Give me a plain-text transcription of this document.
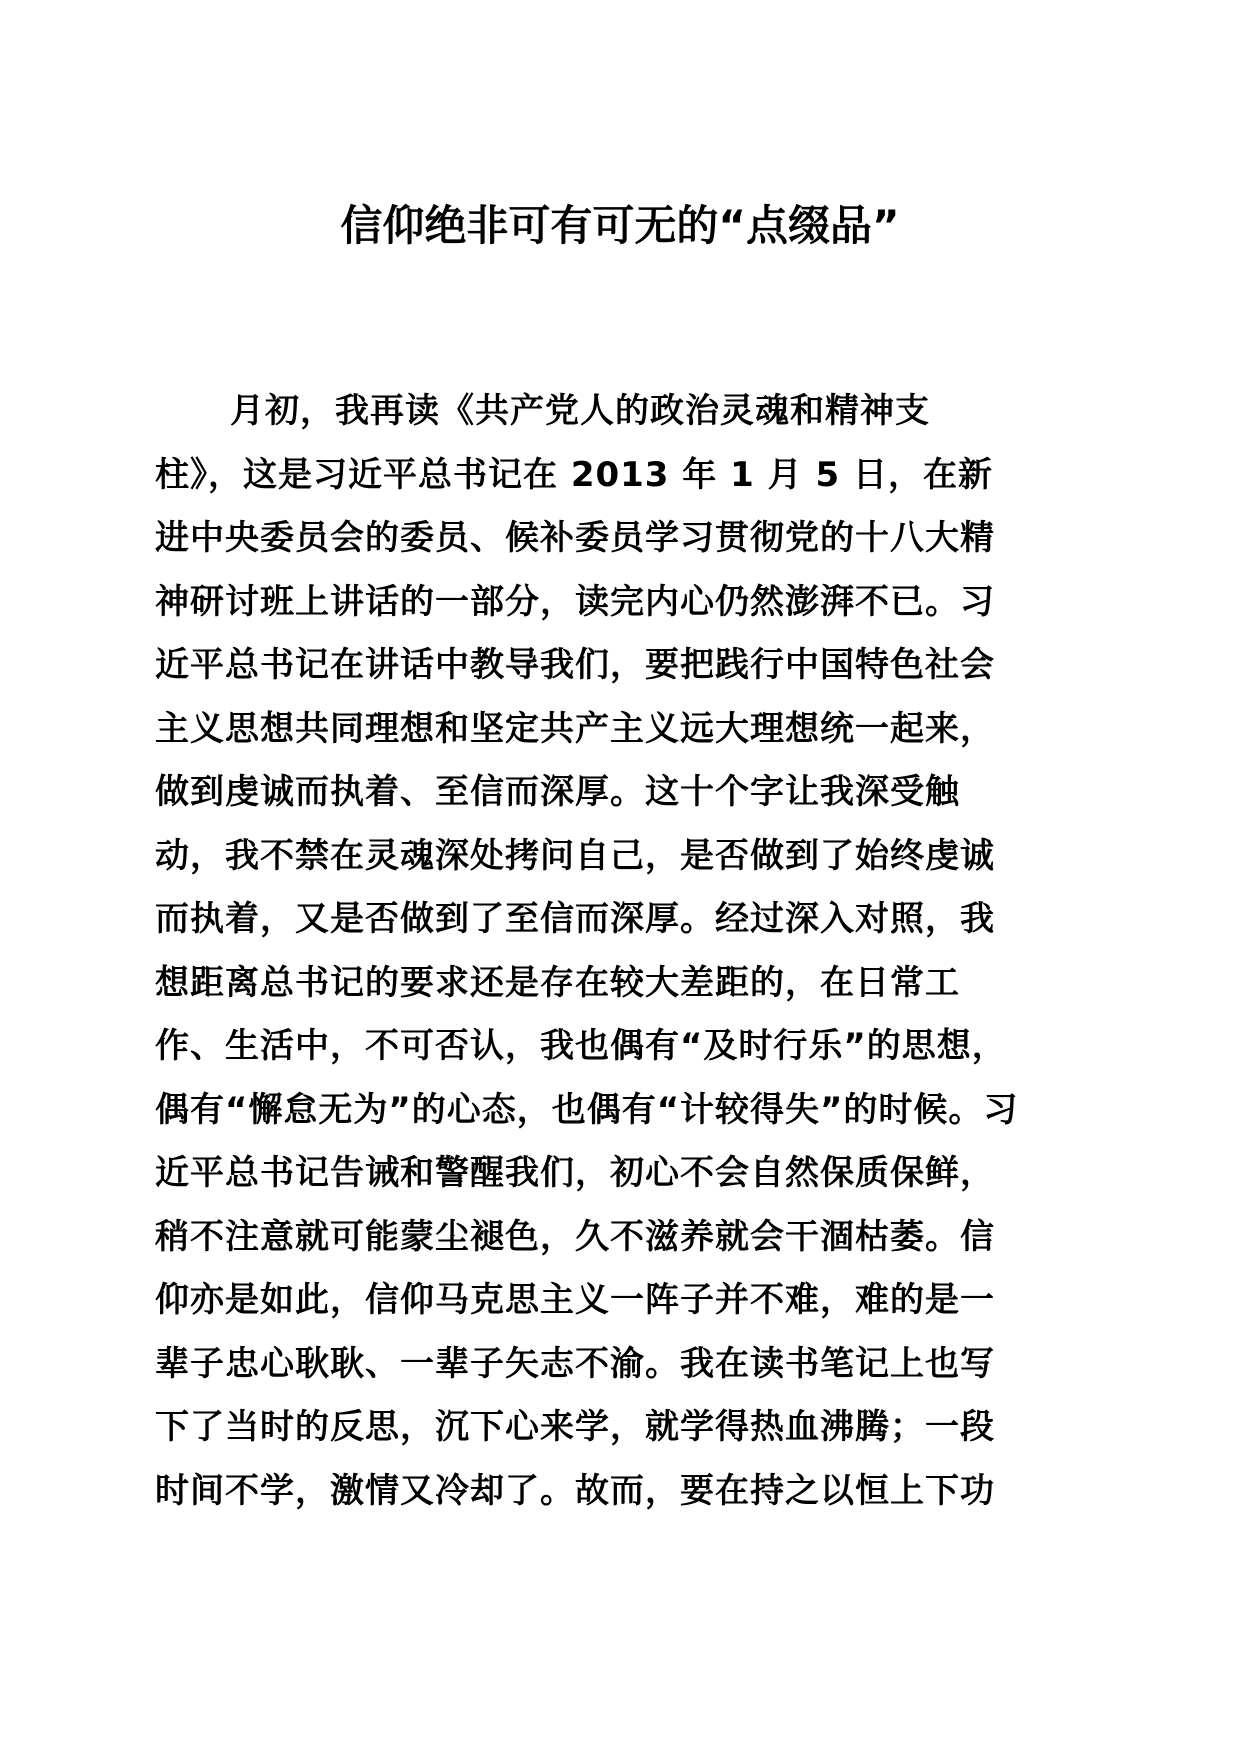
信仰绝非可有可无的“点缀品”
月初，我再读《共产党人的政治灵魂和精神支
柱》，这是习近平总书记在 2013 年 1 月 5 日，在新
进中央委员会的委员、候补委员学习贯彻党的十八大精
神研讨班上讲话的一部分，读完内心仍然澎湃不已。习
近平总书记在讲话中教导我们，要把践行中国特色社会
主义思想共同理想和坚定共产主义远大理想统一起来，
做到虔诚而执着、至信而深厚。这十个字让我深受触
动，我不禁在灵魂深处拷问自己，是否做到了始终虔诚
而执着，又是否做到了至信而深厚。经过深入对照，我
想距离总书记的要求还是存在较大差距的，在日常工
作、生活中，不可否认，我也偶有“及时行乐”的思想，
偶有“懈怠无为”的心态，也偶有“计较得失”的时候。习
近平总书记告诫和警醒我们，初心不会自然保质保鲜，
稍不注意就可能蒙尘褪色，久不滋养就会干涸枯萎。信
仰亦是如此，信仰马克思主义一阵子并不难，难的是一
辈子忠心耿耿、一辈子矢志不渝。我在读书笔记上也写
下了当时的反思，沉下心来学，就学得热血沸腾；一段
时间不学，激情又冷却了。故而，要在持之以恒上下功
